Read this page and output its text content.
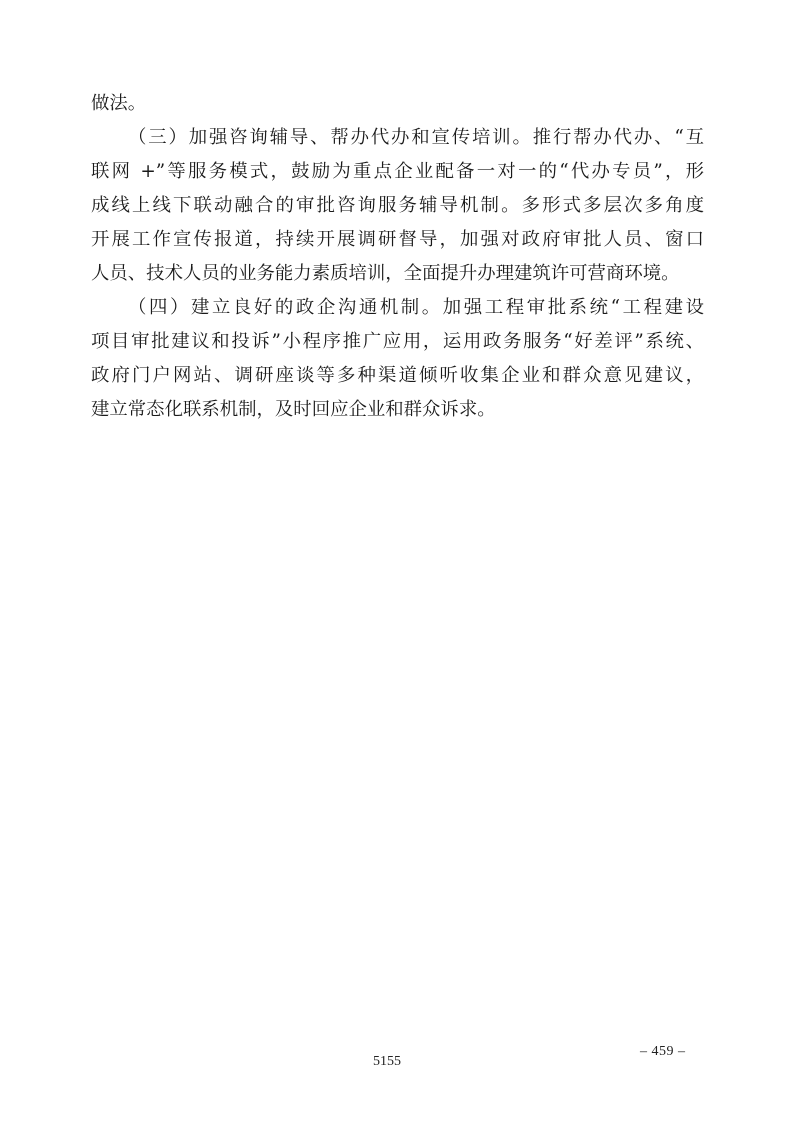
做法。
（三）加强咨询辅导、帮办代办和宣传培训。推行帮办代办、“互
联网 +”等服务模式，鼓励为重点企业配备一对一的“代办专员”，形
成线上线下联动融合的审批咨询服务辅导机制。多形式多层次多角度
开展工作宣传报道，持续开展调研督导，加强对政府审批人员、窗口
人员、技术人员的业务能力素质培训，全面提升办理建筑许可营商环境。
（四）建立良好的政企沟通机制。加强工程审批系统“工程建设
项目审批建议和投诉”小程序推广应用，运用政务服务“好差评”系统、
政府门户网站、调研座谈等多种渠道倾听收集企业和群众意见建议，
建立常态化联系机制，及时回应企业和群众诉求。
– 459 –
5155
